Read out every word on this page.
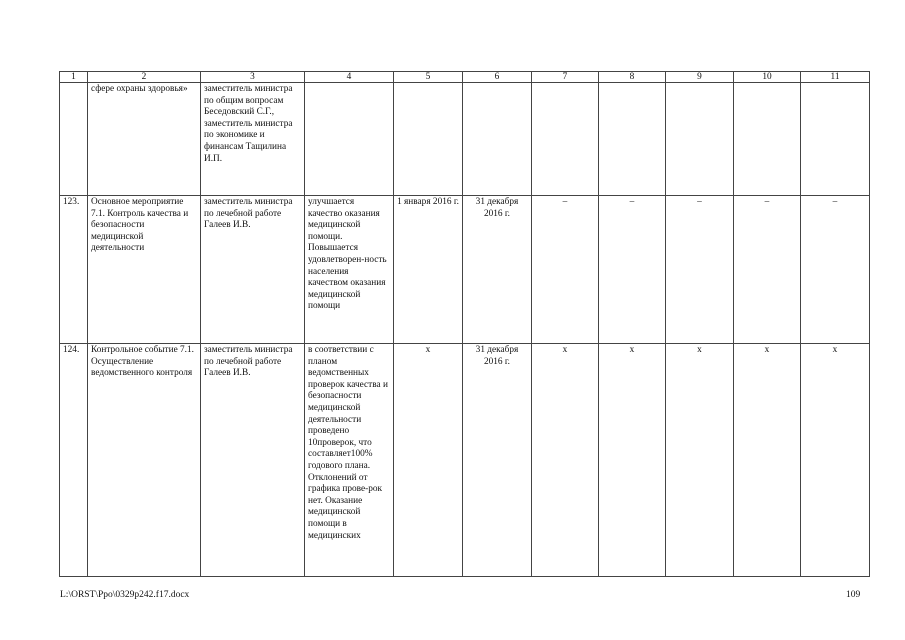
1	2	3	4	5	6	7	8	9	10	11
	сфере охраны здоровья»	заместитель министра по общим вопросам Беседовский С.Г., заместитель министра по экономике и финансам Тащилина И.П.								
123.	Основное мероприятие 7.1. Контроль качества и безопасности медицинской деятельности	заместитель министра по лечебной работе Галеев И.В.	улучшается качество оказания медицинской помощи. Повышается удовлетворен-ность населения качеством оказания медицинской помощи	1 января 2016 г.	31 декабря 2016 г.	–	–	–	–	–
124.	Контрольное событие 7.1. Осуществление ведомственного контроля	заместитель министра по лечебной работе Галеев И.В.	в соответствии с планом ведомственных проверок качества и безопасности медицинской деятельности проведено 10проверок, что составляет100% годового плана. Отклонений от графика прове-рок нет. Оказание медицинской помощи в медицинских	x	31 декабря 2016 г.	x	x	x	x	x
L:\ORST\Ppo\0329p242.f17.docx	109
